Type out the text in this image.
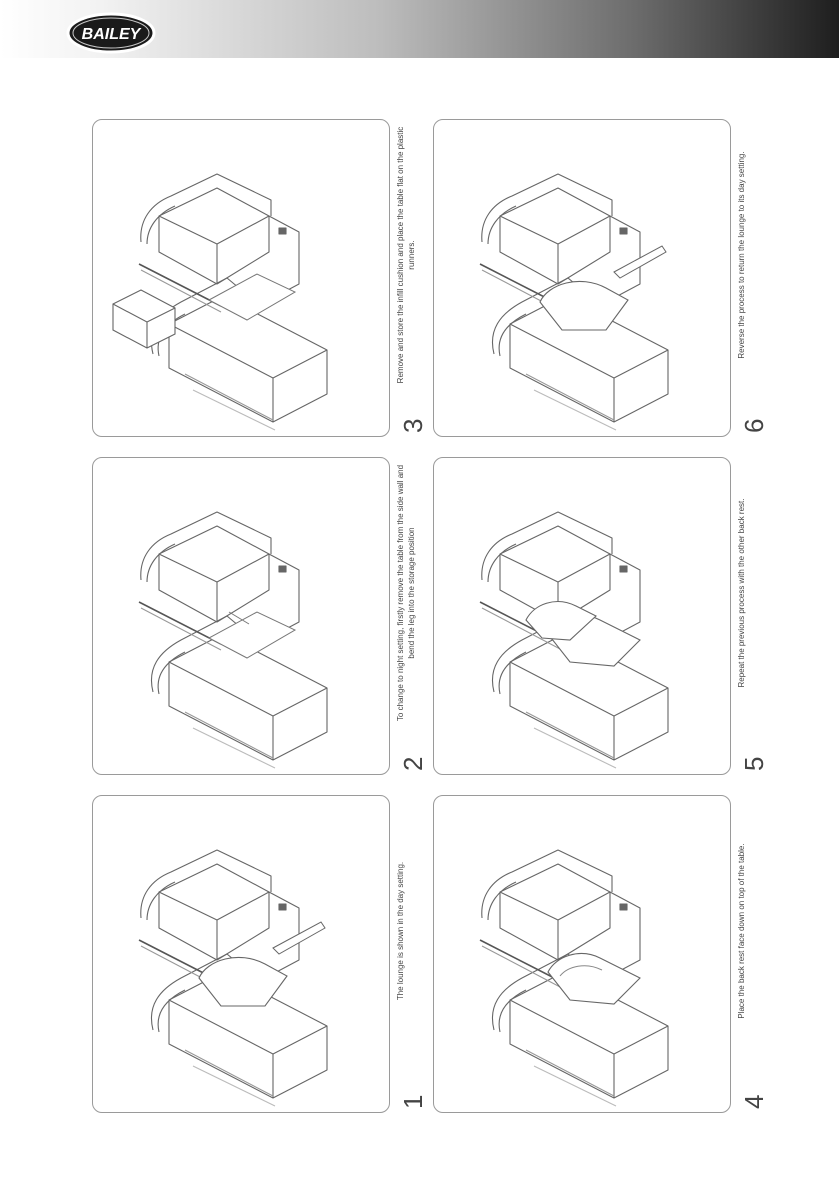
BAILEY
1
The lounge is shown in the day setting.
2
To change to night setting, firstly remove the table from the side wall and bend the leg into the storage position
3
Remove and store the infill cushion and place the table flat on the plastic runners.
4
Place the back rest face down on top of the table.
5
Repeat the previous process with the other back rest.
6
Reverse the process to return the lounge to its day setting.
